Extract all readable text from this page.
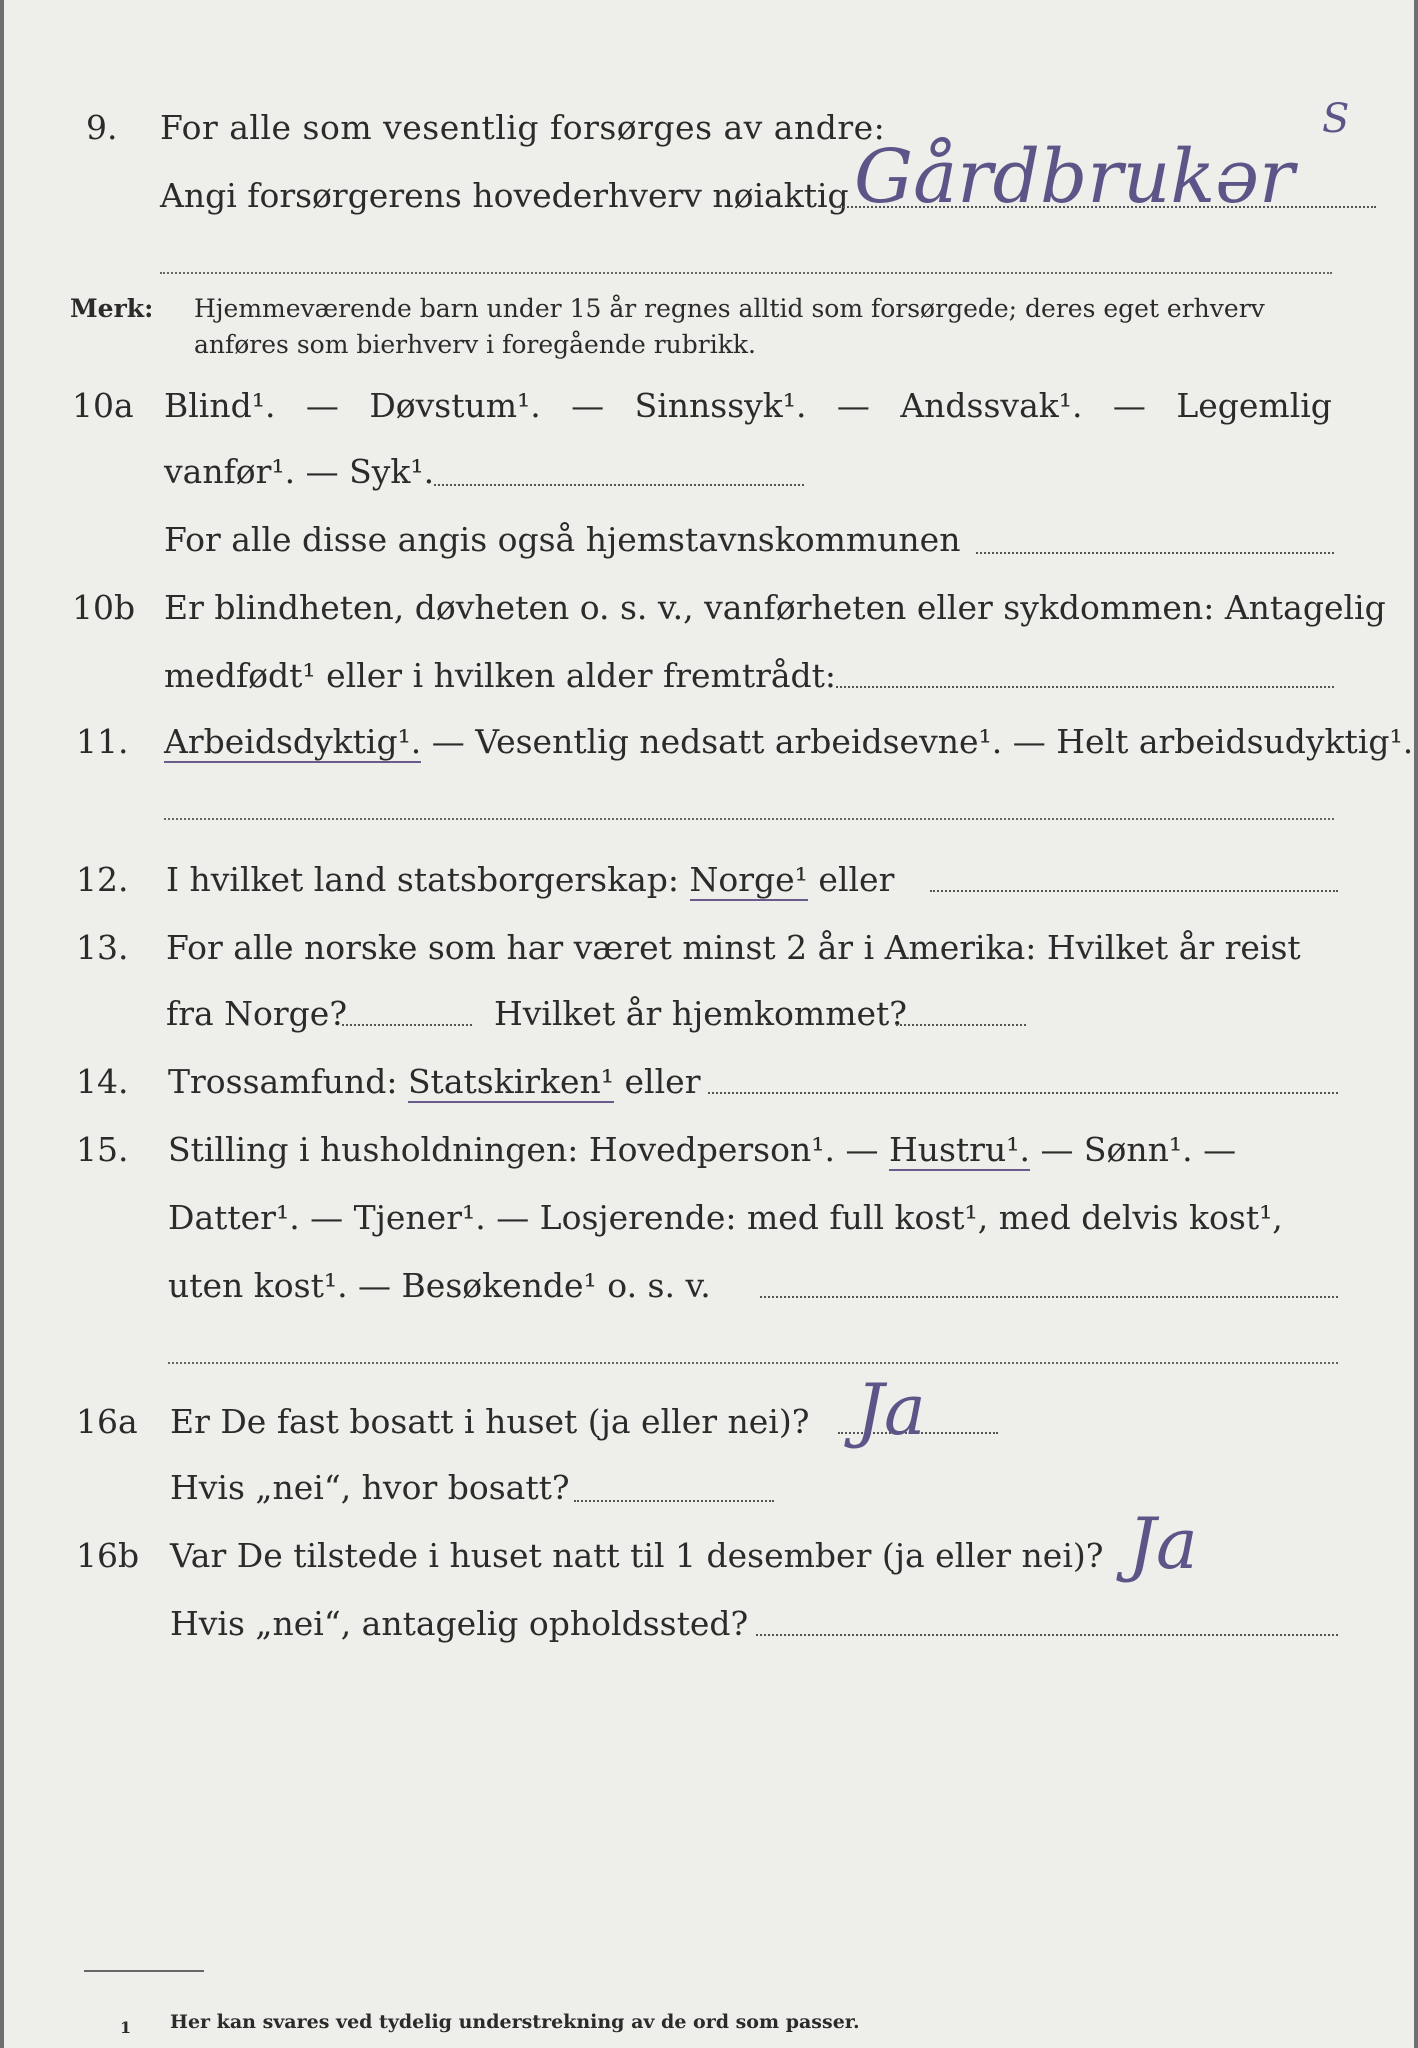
9. For alle som vesentlig forsørges av andre:
Angi forsørgerens hovederhverv nøiaktig Gårdbrukər
S
Merk: Hjemmeværende barn under 15 år regnes alltid som forsørgede; deres eget erhverv
anføres som bierhverv i foregående rubrikk.
10a Blind¹. — Døvstum¹. — Sinnssyk¹. — Andssvak¹. — Legemlig
vanfør¹. — Syk¹.
For alle disse angis også hjemstavnskommunen
10b Er blindheten, døvheten o. s. v., vanførheten eller sykdommen: Antagelig
medfødt¹ eller i hvilken alder fremtrådt:
11. Arbeidsdyktig¹. — Vesentlig nedsatt arbeidsevne¹. — Helt arbeidsudyktig¹.
12. I hvilket land statsborgerskap: Norge¹ eller
13. For alle norske som har været minst 2 år i Amerika: Hvilket år reist
fra Norge?	Hvilket år hjemkommet?
14. Trossamfund: Statskirken¹ eller
15. Stilling i husholdningen: Hovedperson¹. — Hustru¹. — Sønn¹. —
Datter¹. — Tjener¹. — Losjerende: med full kost¹, med delvis kost¹,
uten kost¹. — Besøkende¹ o. s. v.
16a Er De fast bosatt i huset (ja eller nei)? Ja
Hvis „nei“, hvor bosatt?
16b Var De tilstede i huset natt til 1 desember (ja eller nei)? Ja
Hvis „nei“, antagelig opholdssted?
1 Her kan svares ved tydelig understrekning av de ord som passer.
